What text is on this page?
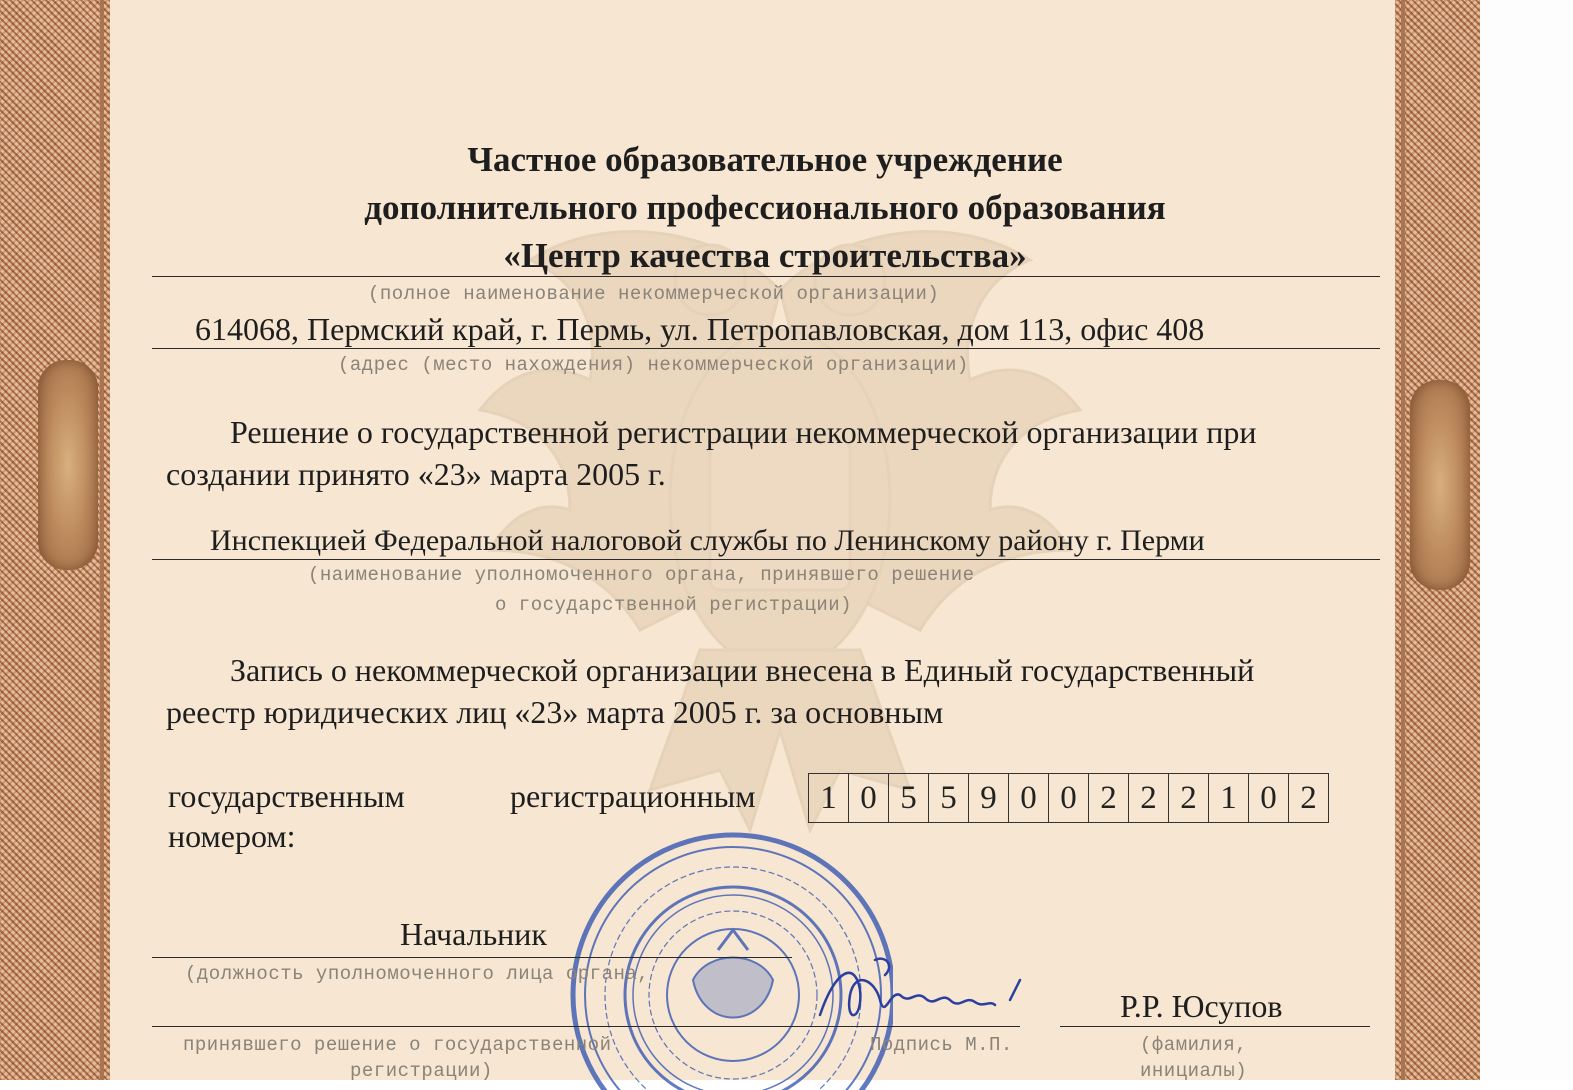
Частное образовательное учреждение
дополнительного профессионального образования
«Центр качества строительства»
(полное наименование некоммерческой организации)
614068, Пермский край, г. Пермь, ул. Петропавловская, дом 113, офис 408
(адрес (место нахождения) некоммерческой организации)
Решение о государственной регистрации некоммерческой организации при
создании принято «23» марта 2005 г.
Инспекцией Федеральной налоговой службы по Ленинскому району г. Перми
(наименование уполномоченного органа, принявшего решение
о государственной регистрации)
Запись о некоммерческой организации внесена в Единый государственный
реестр юридических лиц «23» марта 2005 г. за основным
государственным	регистрационным
номером:
1 0 5 5 9 0 0 2 2 2 1 0 2
Начальник
(должность уполномоченного лица органа,
Р.Р. Юсупов
принявшего решение о государственной
регистрации)
Подпись М.П.	(фамилия,
инициалы)
